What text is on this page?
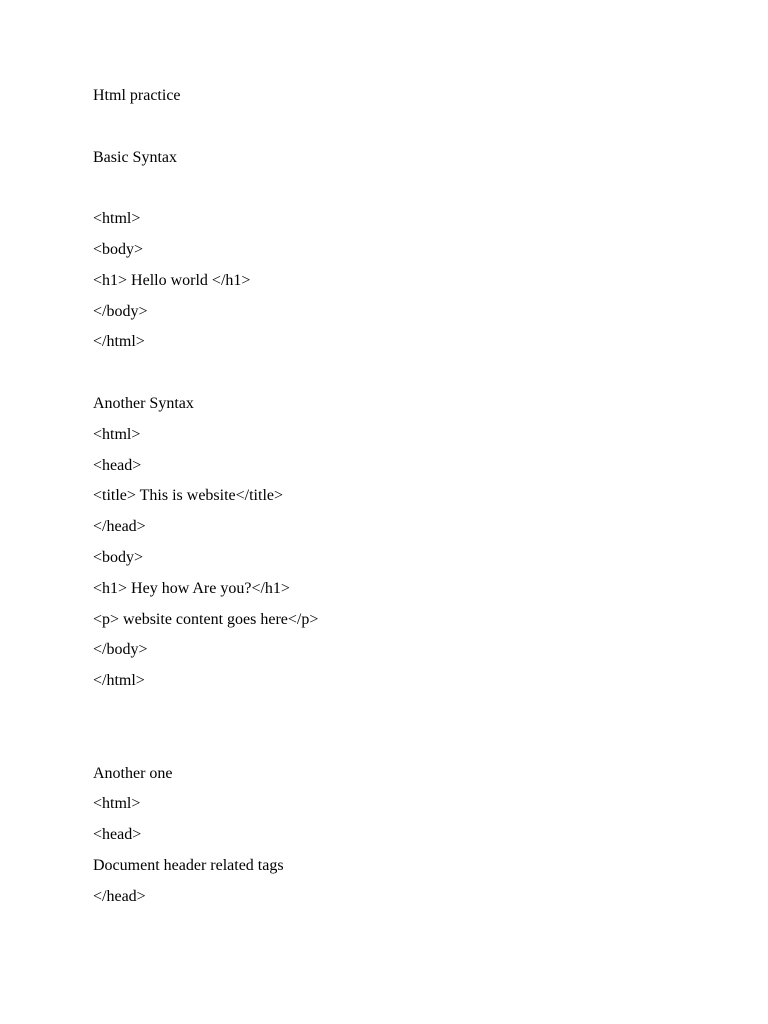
Html practice
Basic Syntax
<html>
<body>
<h1> Hello world </h1>
</body>
</html>
Another Syntax
<html>
<head>
<title> This is website</title>
</head>
<body>
<h1> Hey how Are you?</h1>
<p> website content goes here</p>
</body>
</html>
Another one
<html>
<head>
Document header related tags
</head>
